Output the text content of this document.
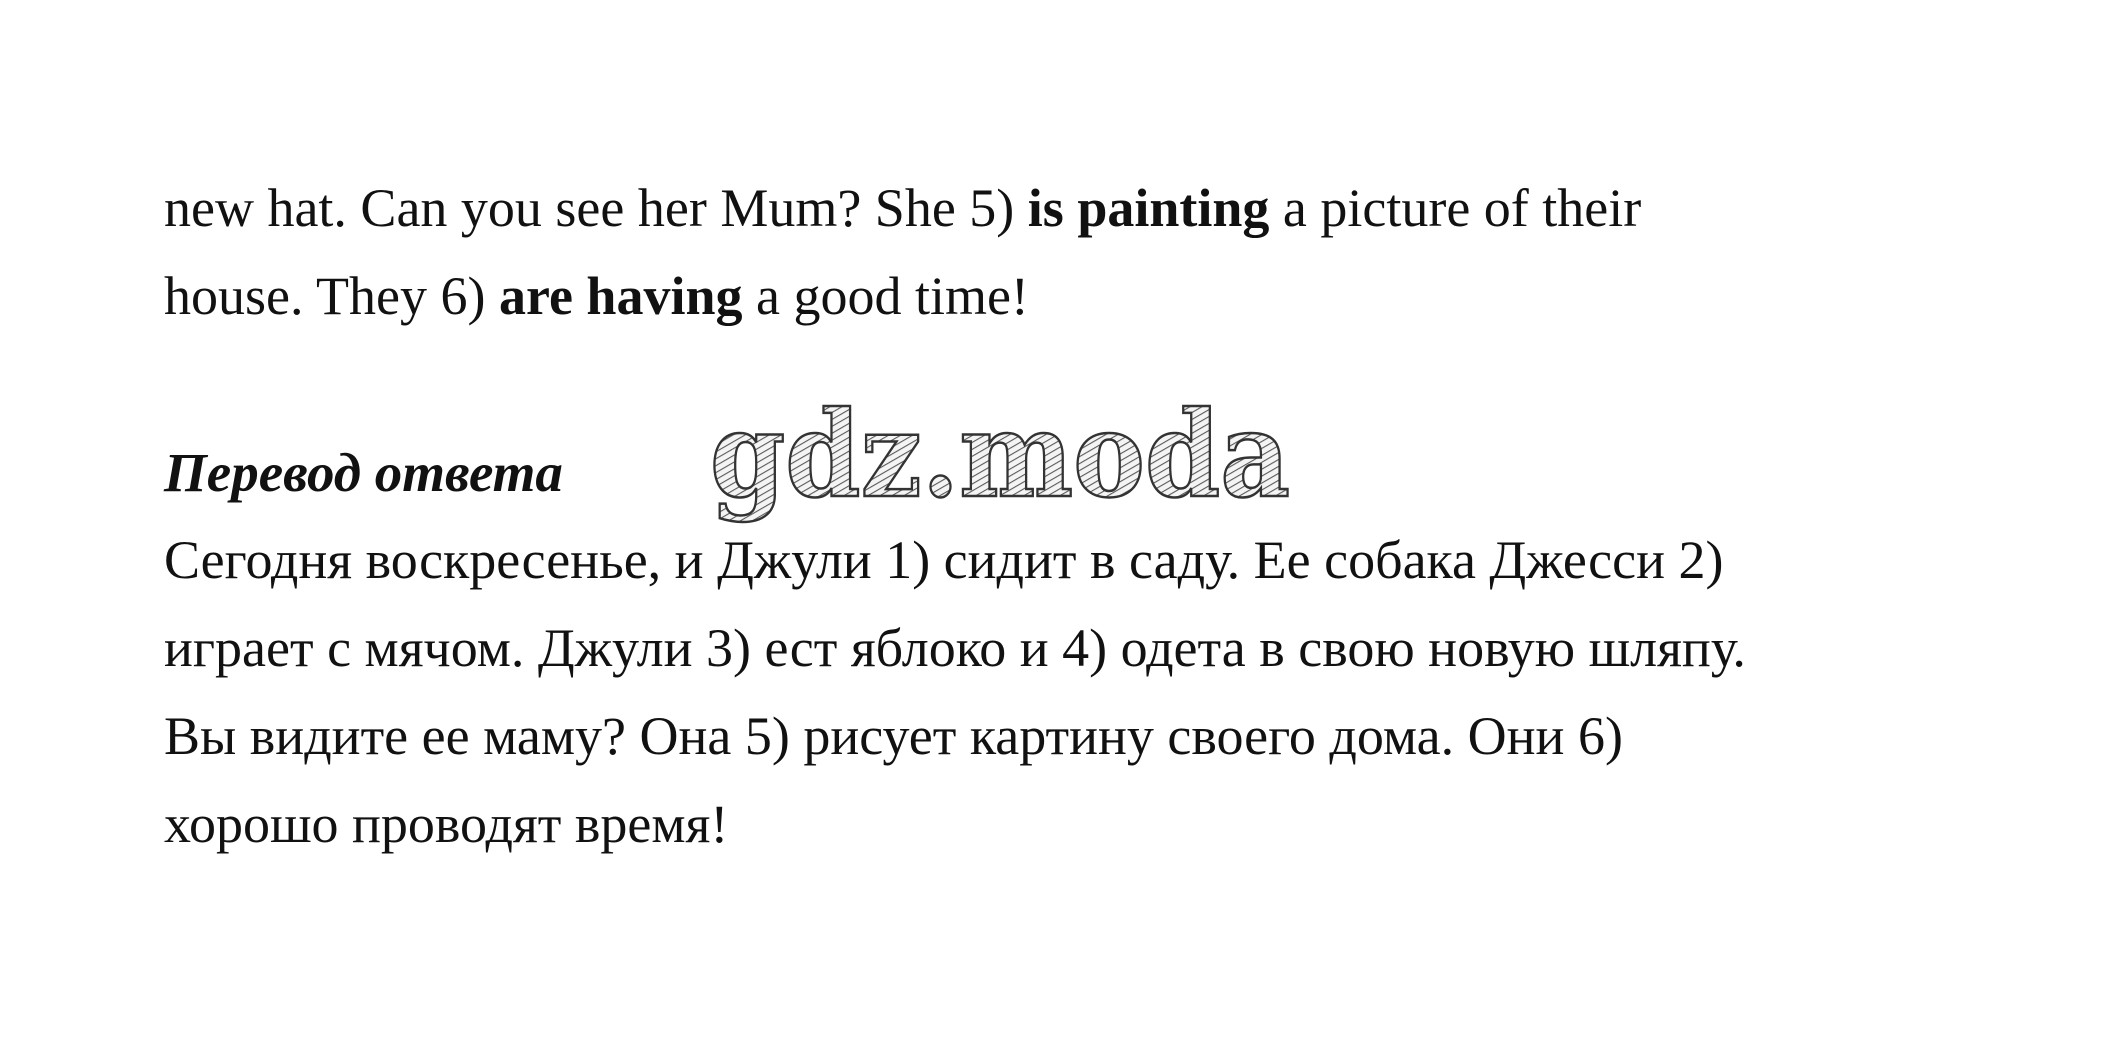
new hat. Can you see her Mum? She 5) is painting a picture of their

house. They 6) are having a good time!

Перевод ответа gdz.moda

Сегодня воскресенье, и Джули 1) сидит в саду. Ее собака Джесси 2)

играет с мячом. Джули 3) ест яблоко и 4) одета в свою новую шляпу.

Вы видите ее маму? Она 5) рисует картину своего дома. Они 6)

хорошо проводят время!
